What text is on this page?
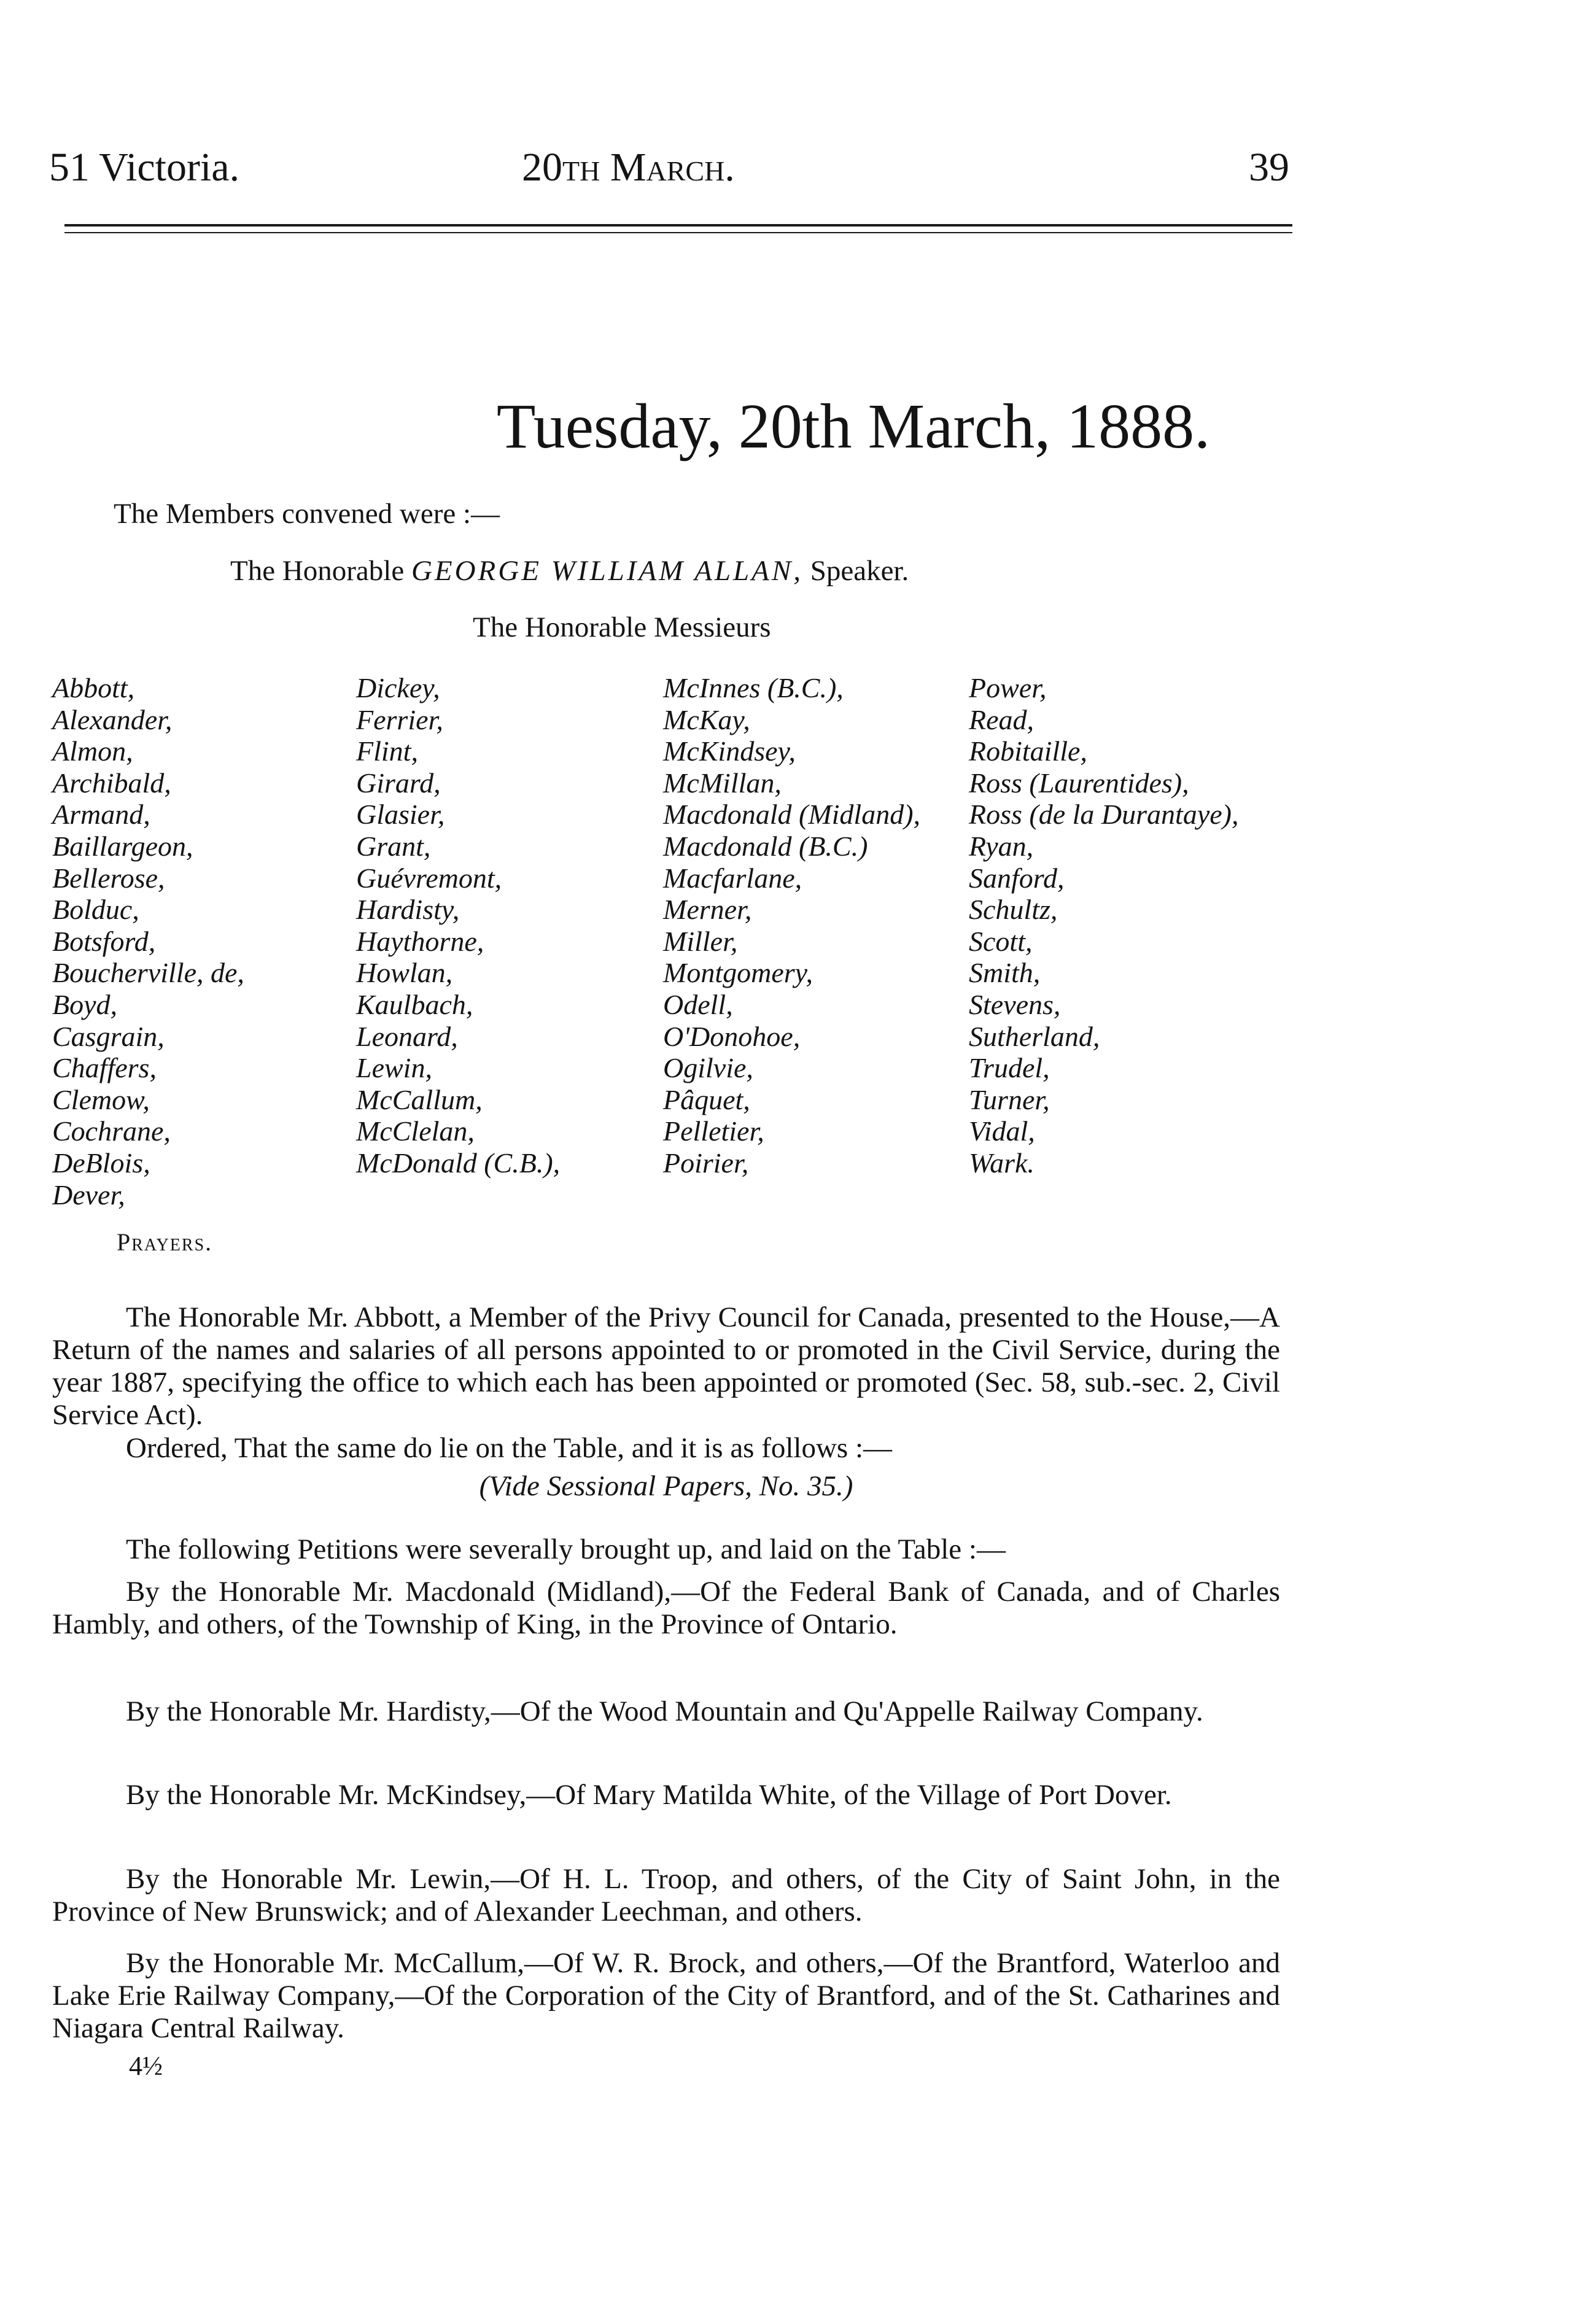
51 Victoria.	20th March.	39
Tuesday, 20th March, 1888.
The Members convened were :—
The Honorable GEORGE WILLIAM ALLAN, Speaker.
The Honorable Messieurs
Abbott,
Alexander,
Almon,
Archibald,
Armand,
Baillargeon,
Bellerose,
Bolduc,
Botsford,
Boucherville, de,
Boyd,
Casgrain,
Chaffers,
Clemow,
Cochrane,
DeBlois,
Dever,
Dickey,
Ferrier,
Flint,
Girard,
Glasier,
Grant,
Guévremont,
Hardisty,
Haythorne,
Howlan,
Kaulbach,
Leonard,
Lewin,
McCallum,
McClelan,
McDonald (C.B.),
McInnes (B.C.),
McKay,
McKindsey,
McMillan,
Macdonald (Midland),
Macdonald (B.C.)
Macfarlane,
Merner,
Miller,
Montgomery,
Odell,
O'Donohoe,
Ogilvie,
Pâquet,
Pelletier,
Poirier,
Power,
Read,
Robitaille,
Ross (Laurentides),
Ross (de la Durantaye),
Ryan,
Sanford,
Schultz,
Scott,
Smith,
Stevens,
Sutherland,
Trudel,
Turner,
Vidal,
Wark.
Prayers.
The Honorable Mr. Abbott, a Member of the Privy Council for Canada, presented to the House,—A Return of the names and salaries of all persons appointed to or promoted in the Civil Service, during the year 1887, specifying the office to which each has been appointed or promoted (Sec. 58, sub.-sec. 2, Civil Service Act).
Ordered, That the same do lie on the Table, and it is as follows :—
(Vide Sessional Papers, No. 35.)
The following Petitions were severally brought up, and laid on the Table :—
By the Honorable Mr. Macdonald (Midland),—Of the Federal Bank of Canada, and of Charles Hambly, and others, of the Township of King, in the Province of Ontario.
By the Honorable Mr. Hardisty,—Of the Wood Mountain and Qu'Appelle Railway Company.
By the Honorable Mr. McKindsey,—Of Mary Matilda White, of the Village of Port Dover.
By the Honorable Mr. Lewin,—Of H. L. Troop, and others, of the City of Saint John, in the Province of New Brunswick; and of Alexander Leechman, and others.
By the Honorable Mr. McCallum,—Of W. R. Brock, and others,—Of the Brantford, Waterloo and Lake Erie Railway Company,—Of the Corporation of the City of Brantford, and of the St. Catharines and Niagara Central Railway.
4½
